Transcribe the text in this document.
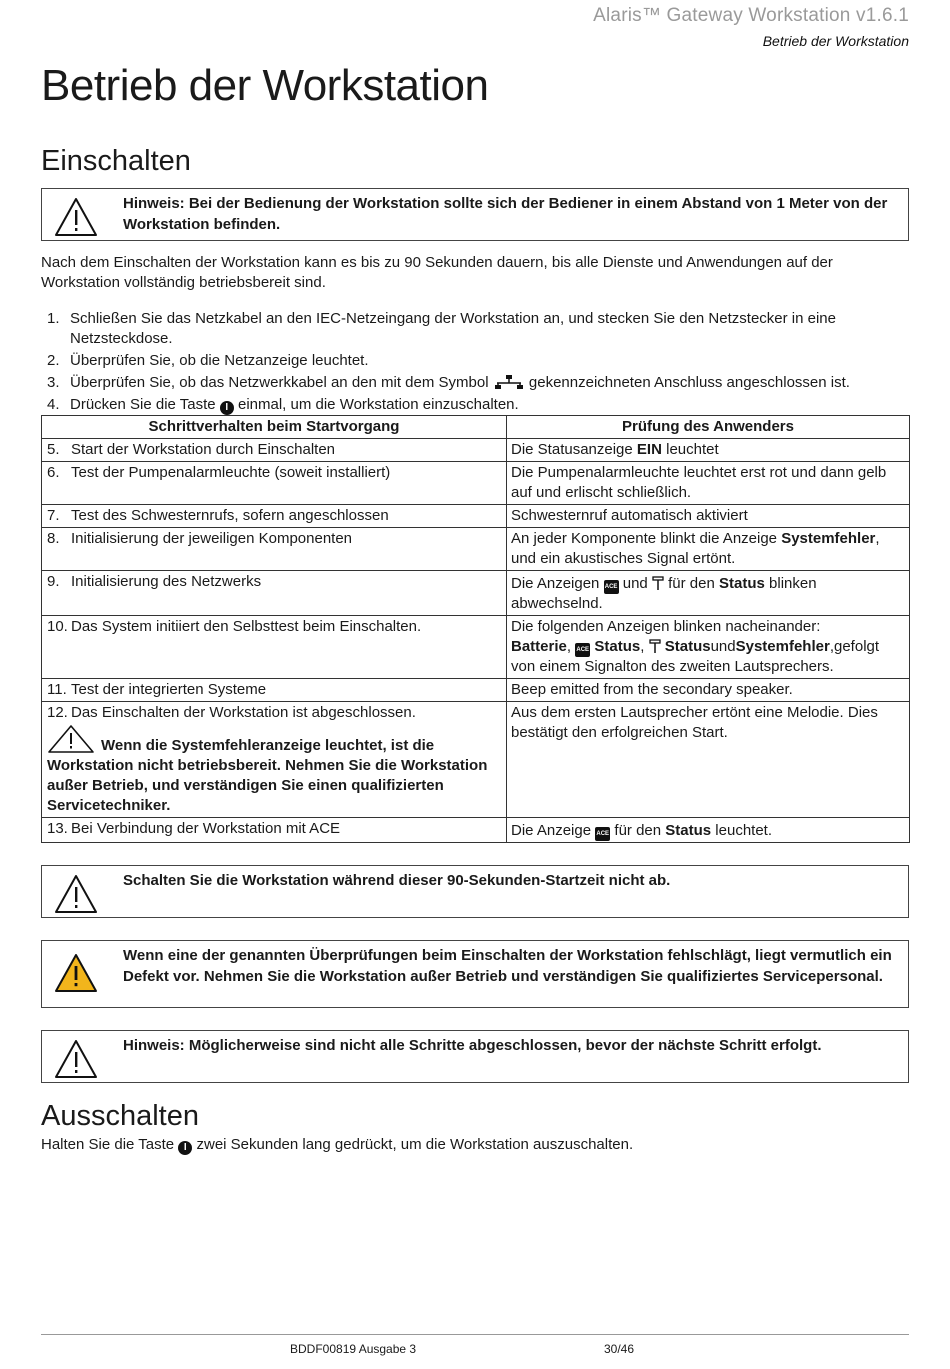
Alaris™ Gateway Workstation v1.6.1
Betrieb der Workstation
Betrieb der Workstation
Einschalten
Hinweis: Bei der Bedienung der Workstation sollte sich der Bediener in einem Abstand von 1 Meter von der Workstation befinden.
Nach dem Einschalten der Workstation kann es bis zu 90 Sekunden dauern, bis alle Dienste und Anwendungen auf der Workstation vollständig betriebsbereit sind.
1. Schließen Sie das Netzkabel an den IEC-Netzeingang der Workstation an, und stecken Sie den Netzstecker in eine Netzsteckdose.
2. Überprüfen Sie, ob die Netzanzeige leuchtet.
3. Überprüfen Sie, ob das Netzwerkkabel an den mit dem Symbol	gekennzeichneten Anschluss angeschlossen ist.
4. Drücken Sie die Taste I einmal, um die Workstation einzuschalten.
Schrittverhalten beim Startvorgang	Prüfung des Anwenders
5. Start der Workstation durch Einschalten	Die Statusanzeige EIN leuchtet
6. Test der Pumpenalarmleuchte (soweit installiert)	Die Pumpenalarmleuchte leuchtet erst rot und dann gelb auf und erlischt schließlich.
7. Test des Schwesternrufs, sofern angeschlossen	Schwesternruf automatisch aktiviert
8. Initialisierung der jeweiligen Komponenten	An jeder Komponente blinkt die Anzeige Systemfehler, und ein akustisches Signal ertönt.
9. Initialisierung des Netzwerks	Die Anzeigen ACE und für den Status blinken abwechselnd.
10. Das System initiiert den Selbsttest beim Einschalten.	Die folgenden Anzeigen blinken nacheinander:
Batterie, ACE Status,  StatusundSystemfehler,gefolgt von einem Signalton des zweiten Lautsprechers.
11. Test der integrierten Systeme	Beep emitted from the secondary speaker.
12. Das Einschalten der Workstation ist abgeschlossen.
Wenn die Systemfehleranzeige leuchtet, ist die Workstation nicht betriebsbereit. Nehmen Sie die Workstation außer Betrieb, und verständigen Sie einen qualifizierten Servicetechniker.	Aus dem ersten Lautsprecher ertönt eine Melodie. Dies bestätigt den erfolgreichen Start.
13. Bei Verbindung der Workstation mit ACE	Die Anzeige ACE für den Status leuchtet.
Schalten Sie die Workstation während dieser 90-Sekunden-Startzeit nicht ab.
Wenn eine der genannten Überprüfungen beim Einschalten der Workstation fehlschlägt, liegt vermutlich ein Defekt vor. Nehmen Sie die Workstation außer Betrieb und verständigen Sie qualifiziertes Servicepersonal.
Hinweis: Möglicherweise sind nicht alle Schritte abgeschlossen, bevor der nächste Schritt erfolgt.
Ausschalten
Halten Sie die Taste I zwei Sekunden lang gedrückt, um die Workstation auszuschalten.
BDDF00819 Ausgabe 3	30/46
